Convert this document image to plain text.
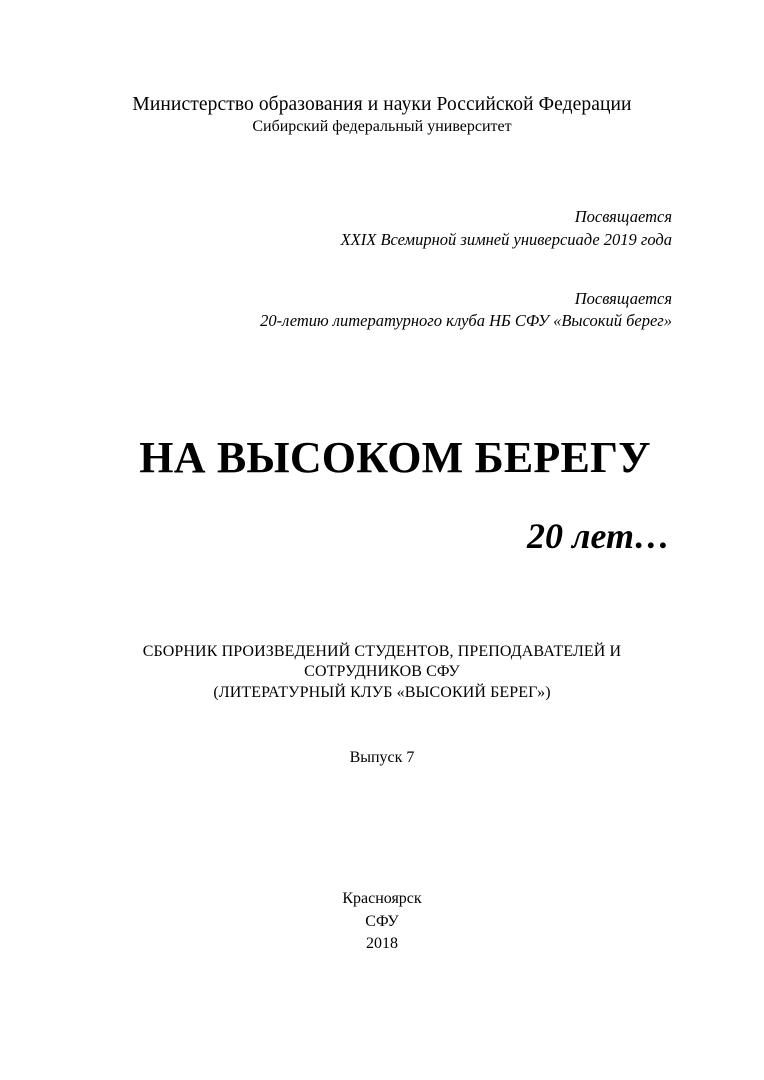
Министерство образования и науки Российской Федерации
Сибирский федеральный университет
Посвящается
XXIX Всемирной зимней универсиаде 2019 года
Посвящается
20-летию литературного клуба НБ СФУ «Высокий берег»
НА ВЫСОКОМ БЕРЕГУ
20 лет…
СБОРНИК ПРОИЗВЕДЕНИЙ СТУДЕНТОВ, ПРЕПОДАВАТЕЛЕЙ И
СОТРУДНИКОВ СФУ
(ЛИТЕРАТУРНЫЙ КЛУБ «ВЫСОКИЙ БЕРЕГ»)
Выпуск 7
Красноярск
СФУ
2018
